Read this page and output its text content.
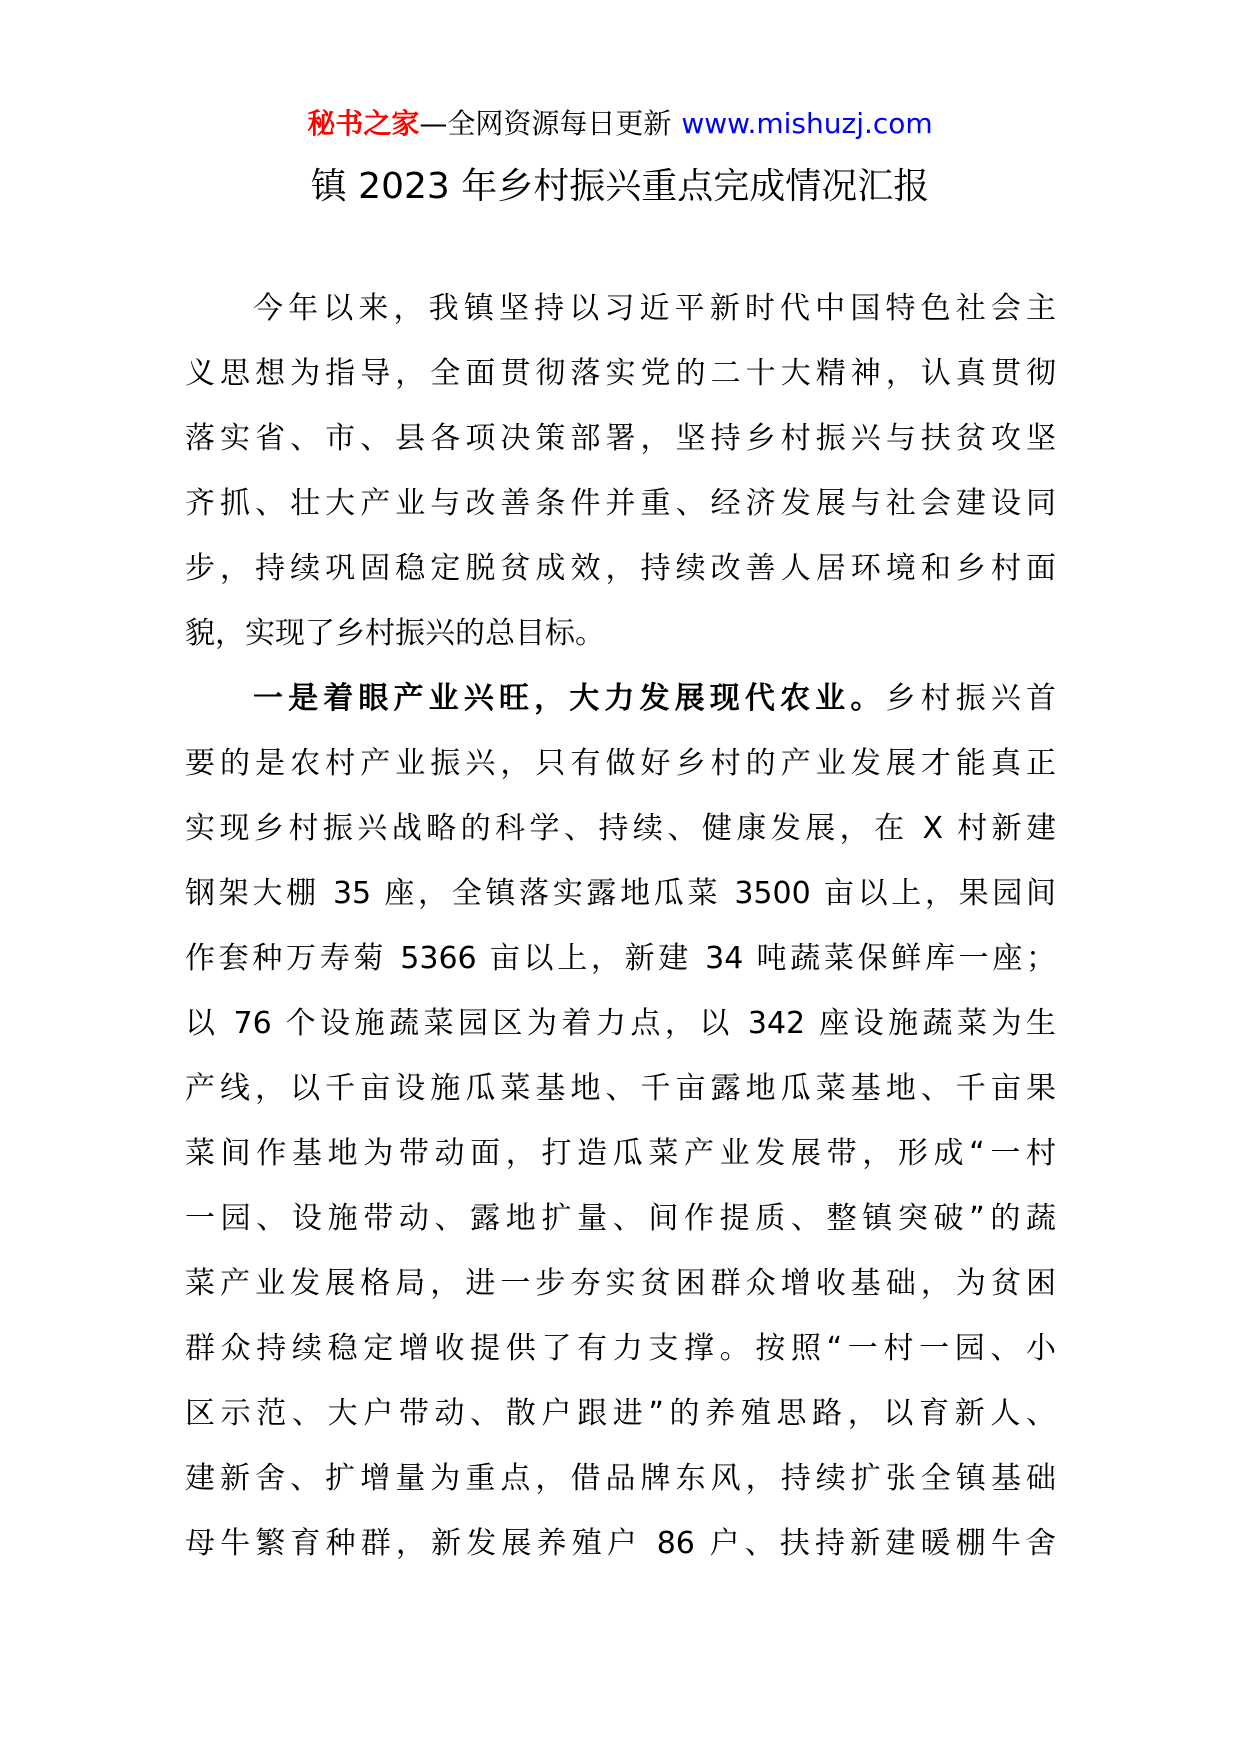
秘书之家—全网资源每日更新 www.mishuzj.com
镇 2023 年乡村振兴重点完成情况汇报
今年以来，我镇坚持以习近平新时代中国特色社会主
义思想为指导，全面贯彻落实党的二十大精神，认真贯彻
落实省、市、县各项决策部署，坚持乡村振兴与扶贫攻坚
齐抓、壮大产业与改善条件并重、经济发展与社会建设同
步，持续巩固稳定脱贫成效，持续改善人居环境和乡村面
貌，实现了乡村振兴的总目标。
一是着眼产业兴旺，大力发展现代农业。乡村振兴首
要的是农村产业振兴，只有做好乡村的产业发展才能真正
实现乡村振兴战略的科学、持续、健康发展，在 X 村新建
钢架大棚 35 座，全镇落实露地瓜菜 3500 亩以上，果园间
作套种万寿菊 5366 亩以上，新建 34 吨蔬菜保鲜库一座；
以 76 个设施蔬菜园区为着力点，以 342 座设施蔬菜为生
产线，以千亩设施瓜菜基地、千亩露地瓜菜基地、千亩果
菜间作基地为带动面，打造瓜菜产业发展带，形成“一村
一园、设施带动、露地扩量、间作提质、整镇突破”的蔬
菜产业发展格局，进一步夯实贫困群众增收基础，为贫困
群众持续稳定增收提供了有力支撑。按照“一村一园、小
区示范、大户带动、散户跟进”的养殖思路，以育新人、
建新舍、扩增量为重点，借品牌东风，持续扩张全镇基础
母牛繁育种群，新发展养殖户 86 户、扶持新建暖棚牛舍
